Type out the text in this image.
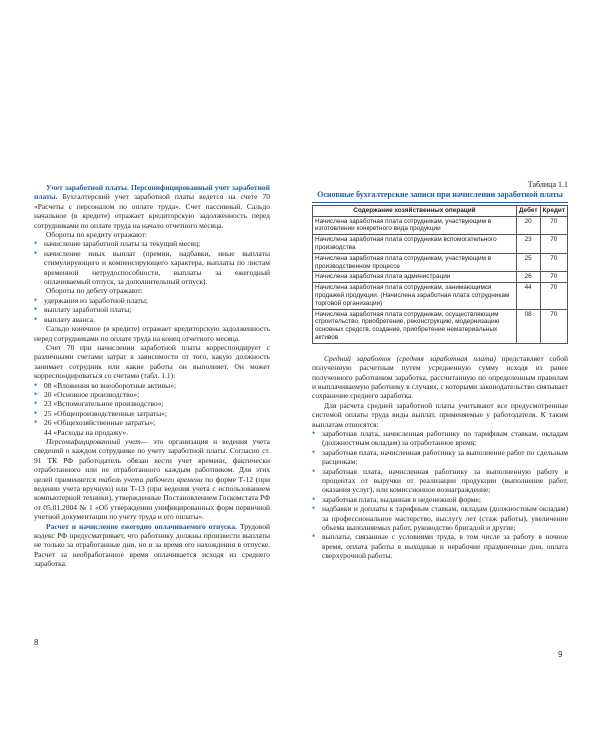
Учет заработной платы. Персонифицированный учет заработной платы. Бухгалтерский учет заработной платы ведется на счете 70 «Расчеты с персоналом по оплате труда». Счет пассивный. Сальдо начальное (в кредите) отражает кредиторскую задолженность перед сотрудниками по оплате труда на начало отчетного месяца.

Обороты по кредиту отражают:

• начисление заработной платы за текущий месяц;

• начисление иных выплат (премии, надбавки, иные выплаты стимулирующего и компенсирующего характера, выплаты по листам временной нетрудоспособности, выплаты за ежегодный оплачиваемый отпуск, за дополнительный отпуск).

Обороты по дебету отражают:

• удержания из заработной платы;

• выплату заработной платы;

• выплату аванса.

Сальдо конечное (в кредите) отражает кредиторскую задолженность перед сотрудниками по оплате труда на конец отчетного месяца.

Счет 70 при начислении заработной платы корреспондирует с различными счетами затрат в зависимости от того, какую должность занимает сотрудник или какие работы он выполняет. Он может корреспондироваться со счетами (табл. 1.1):

• 08 «Вложения во внеоборотные активы»;

• 20 «Основное производство»;

• 23 «Вспомогательное производство»;

• 25 «Общепроизводственные затраты»;

• 26 «Общехозяйственные затраты»;

44 «Расходы на продажу».

Персонифицированный учет— это организация и ведения учета сведений о каждом сотруднике по учету заработной платы. Согласно ст. 91 ТК РФ работодатель обязан вести учет времени, фактически отработанного или не отработанного каждым работником. Для этих целей применяется табель учета рабочего времени по форме Т-12 (при ведении учета вручную) или Т-13 (при ведения учета с использованием компьютерной техники), утвержденные Постановлением Госкомстата РФ от 05.01.2004 № 1 «Об утверждении унифицированных форм первичной учетной документации по учету труда и его оплаты».

Расчет и начисление ежегодно оплачиваемого отпуска. Трудовой кодекс РФ предусматривает, что работнику должны произвести выплаты не только за отработанные дни, но и за время его нахождения в отпуске. Расчет за необработанное время оплачивается исходя из среднего заработка.

8
Таблица 1.1
Основные бухгалтерские записи при начислении заработной платы
Содержание хозяйственных операций	Дебет	Кредит
Начислена заработная плата сотрудникам, участвующим в изготовлении конкретного вида продукции	20	70
Начислена заработная плата сотрудникам вспомогательного производства	23	70
Начислена заработная плата сотрудникам, участвующим в производственном процессе	25	70
Начислена заработная плата администрации	26	70
Начислена заработная плата сотрудникам, занимающимся продажей продукции. (Начислена заработная плата сотрудникам торговой организации)	44	70
Начислена заработная плата сотрудникам, осуществляющим строительство, приобретение, реконструкцию, модернизацию основных средств, создание, приобретение нематериальных активов	08	70

Средний заработок (средняя заработная плата) представляет собой полученную расчетным путем усредненную сумму исходя из ранее полученного работником заработка, рассчитанную по определенным правилам и выплачиваемую работнику в случаях, с которыми законодательство связывает сохранение среднего заработка.

Для расчета средней заработной платы учитывают все предусмотренные системой оплаты труда виды выплат, применяемые у работодателя. К таким выплатам относятся:

• заработная плата, начисленная работнику по тарифным ставкам, окладам (должностным окладам) за отработанное время;

• заработная плата, начисленная работнику за выполнение работ по сдельным расценкам;

• заработная плата, начисленная работнику за выполненную работу в процентах от выручки от реализации продукции (выполнение работ, оказания услуг), или комиссионное вознаграждение;

• заработная плата, выданная в неденежной форме;

• надбавки и доплаты к тарифным ставкам, окладам (должностным окладам) за профессиональное мастерство, выслугу лет (стаж работы), увеличение объема выполняемых работ, руководство бригадой и другие;

• выплаты, связанные с условиями труда, в том числе за работу в ночное время, оплата работы в выходные и нерабочие праздничные дни, оплата сверхурочной работы.

9
